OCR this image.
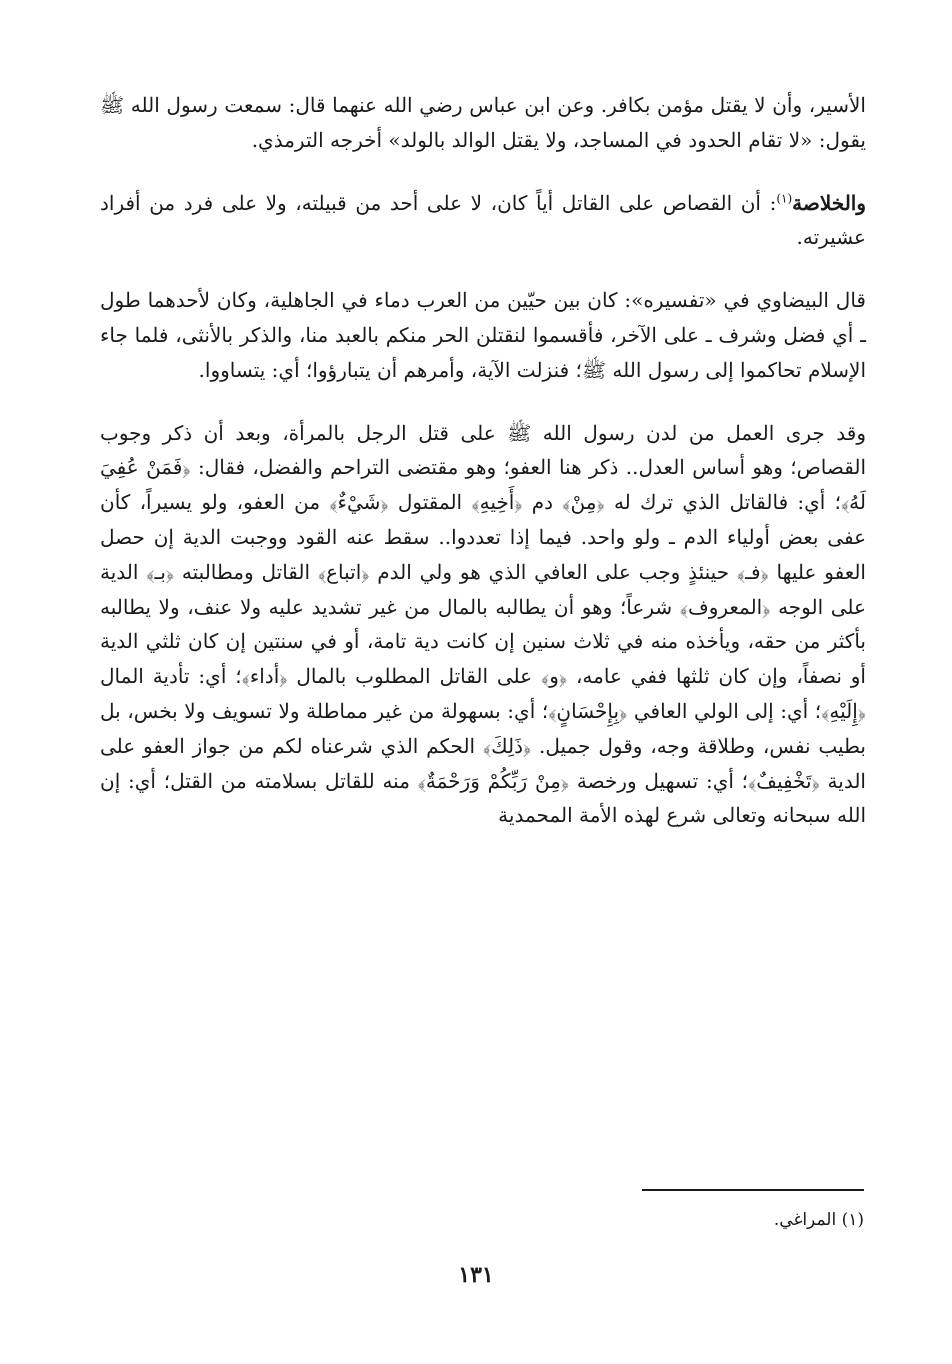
الأسير، وأن لا يقتل مؤمن بكافر. وعن ابن عباس رضي الله عنهما قال: سمعت رسول الله ﷺ يقول: «لا تقام الحدود في المساجد، ولا يقتل الوالد بالولد» أخرجه الترمذي.

والخلاصة$^{(١)}$: أن القصاص على القاتل أياً كان، لا على أحد من قبيلته، ولا على فرد من أفراد عشيرته.

قال البيضاوي في «تفسيره»: كان بين حيّين من العرب دماء في الجاهلية، وكان لأحدهما طول ـ أي فضل وشرف ـ على الآخر، فأقسموا لنقتلن الحر منكم بالعبد منا، والذكر بالأنثى، فلما جاء الإسلام تحاكموا إلى رسول الله ﷺ؛ فنزلت الآية، وأمرهم أن يتبارؤوا؛ أي: يتساووا.

وقد جرى العمل من لدن رسول الله ﷺ على قتل الرجل بالمرأة، وبعد أن ذكر وجوب القصاص؛ وهو أساس العدل.. ذكر هنا العفو؛ وهو مقتضى التراحم والفضل، فقال: ﴿فَمَنْ عُفِيَ لَهُ﴾؛ أي: فالقاتل الذي ترك له ﴿مِنْ﴾ دم ﴿أَخِيهِ﴾ المقتول ﴿شَيْءٌ﴾ من العفو، ولو يسيراً، كأن عفى بعض أولياء الدم ـ ولو واحد. فيما إذا تعددوا.. سقط عنه القود ووجبت الدية إن حصل العفو عليها ﴿فـ﴾ حينئذٍ وجب على العافي الذي هو ولي الدم ﴿اتباع﴾ القاتل ومطالبته ﴿بـ﴾ الدية على الوجه ﴿المعروف﴾ شرعاً؛ وهو أن يطالبه بالمال من غير تشديد عليه ولا عنف، ولا يطالبه بأكثر من حقه، ويأخذه منه في ثلاث سنين إن كانت دية تامة، أو في سنتين إن كان ثلثي الدية أو نصفاً، وإن كان ثلثها ففي عامه، ﴿و﴾ على القاتل المطلوب بالمال ﴿أداء﴾؛ أي: تأدية المال ﴿إِلَيْهِ﴾؛ أي: إلى الولي العافي ﴿بِإِحْسَانٍ﴾؛ أي: بسهولة من غير مماطلة ولا تسويف ولا بخس، بل بطيب نفس، وطلاقة وجه، وقول جميل. ﴿ذَلِكَ﴾ الحكم الذي شرعناه لكم من جواز العفو على الدية ﴿تَخْفِيفٌ﴾؛ أي: تسهيل ورخصة ﴿مِنْ رَبِّكُمْ وَرَحْمَةٌ﴾ منه للقاتل بسلامته من القتل؛ أي: إن الله سبحانه وتعالى شرع لهذه الأمة المحمدية

(١) المراغي.

١٣١
